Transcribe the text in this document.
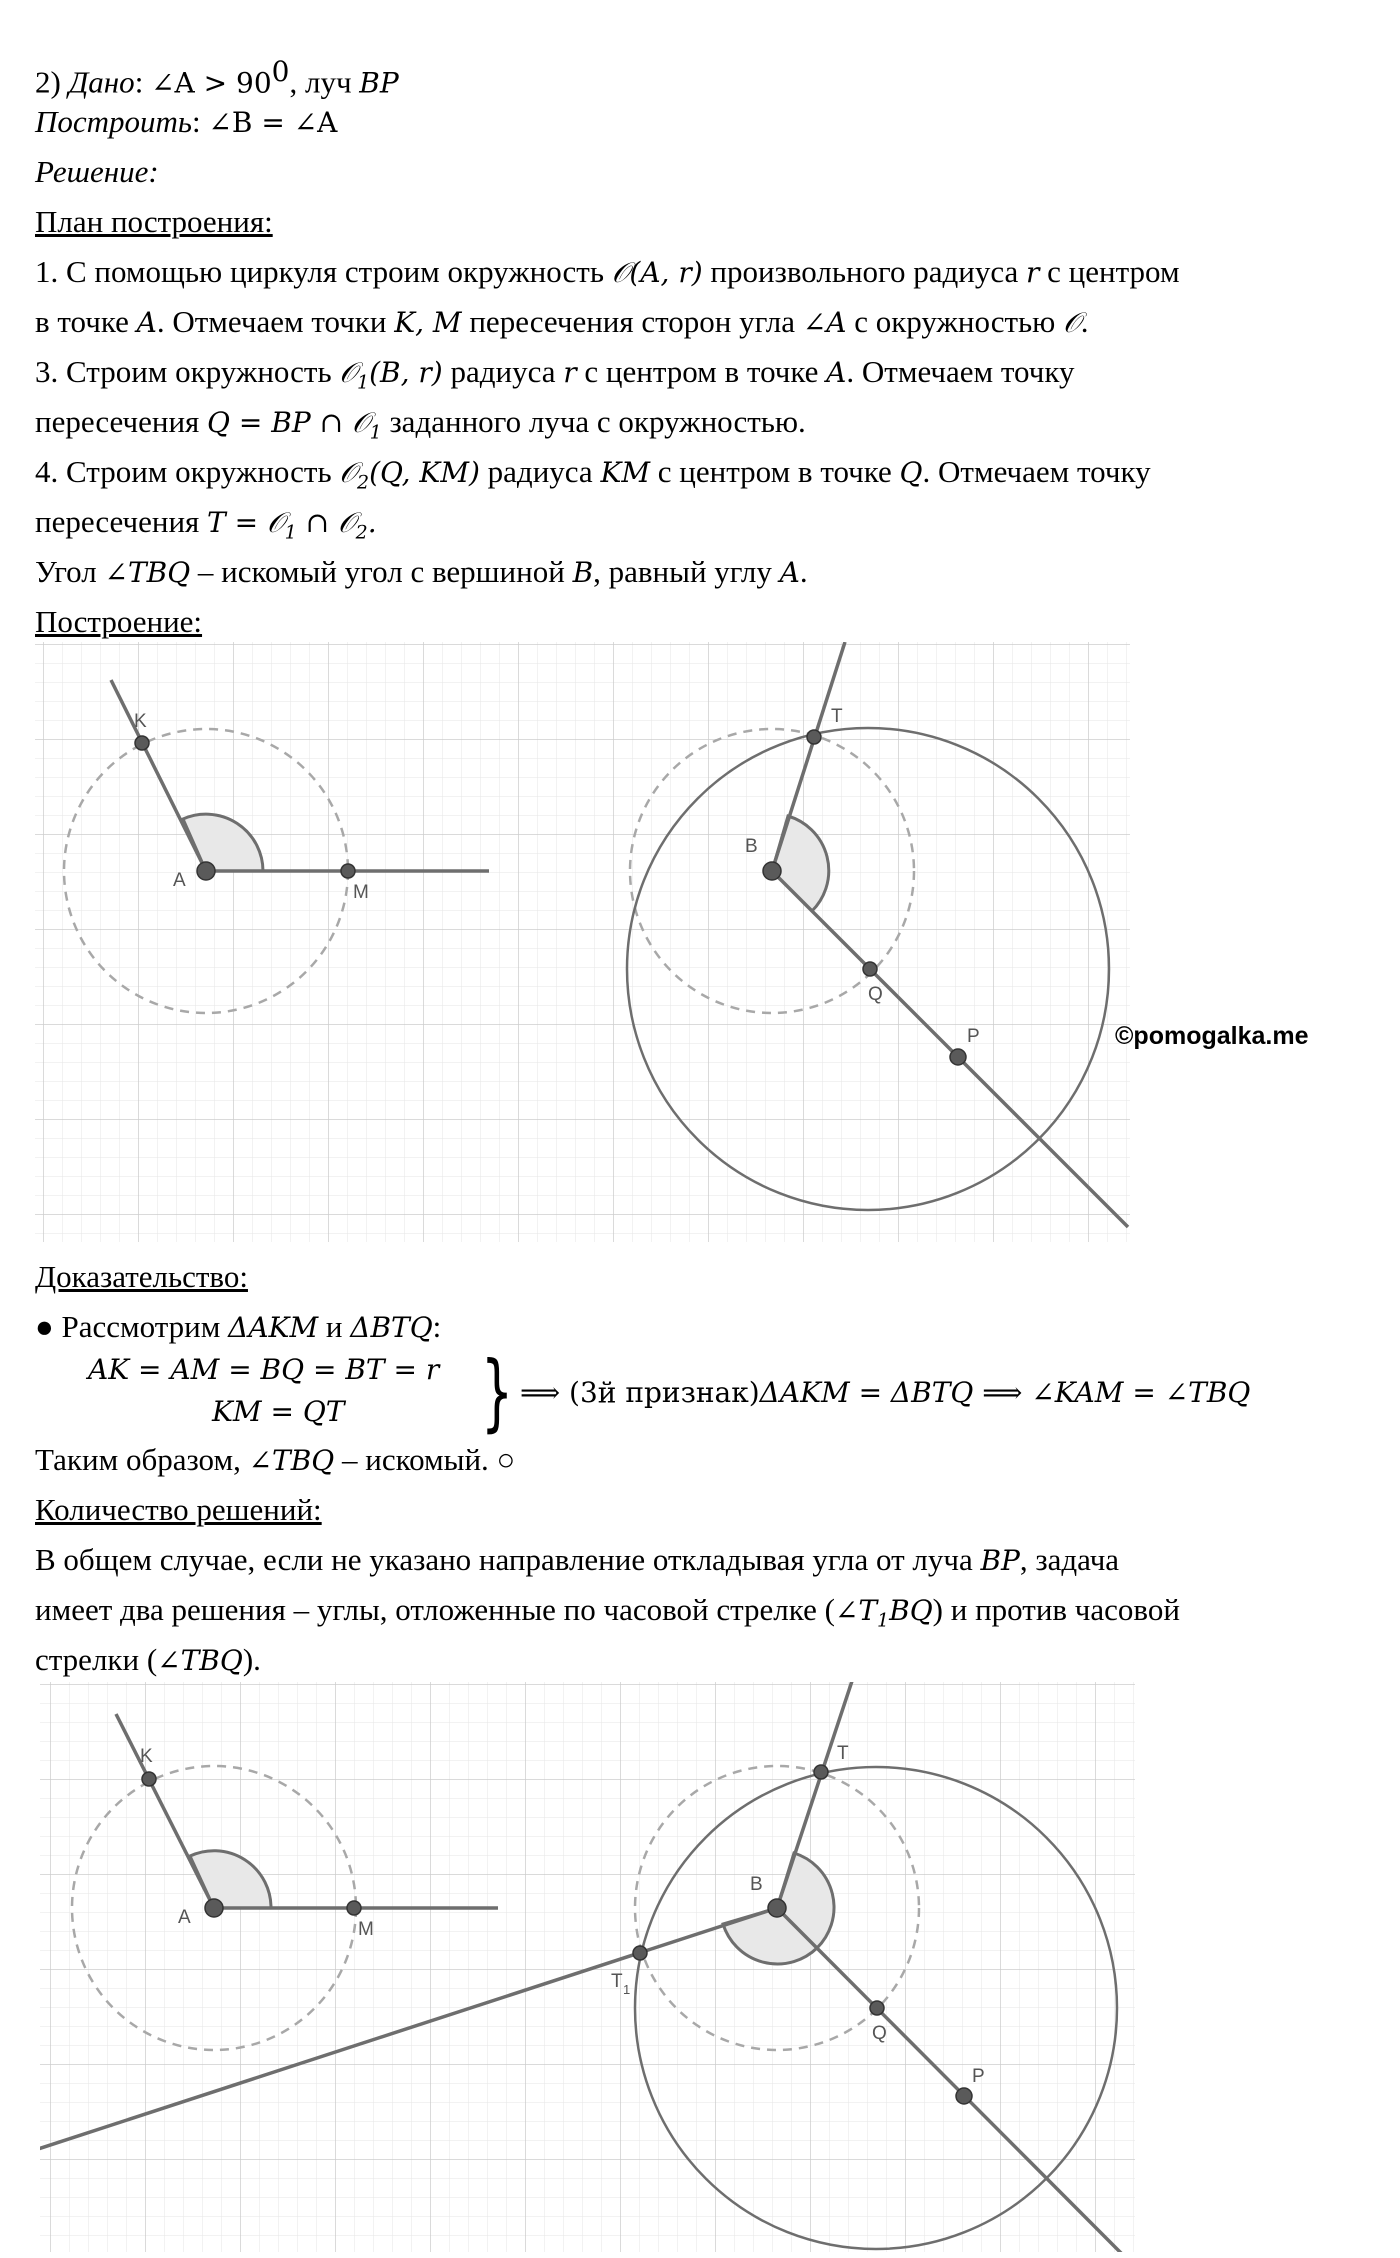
2) Дано: ∠A > $90^0$, луч BP
Построить: ∠B = ∠A
Решение:
План построения:
1. С помощью циркуля строим окружность 𝒪(A, r) произвольного радиуса r с центром
в точке A. Отмечаем точки K, M пересечения сторон угла ∠A с окружностью 𝒪.
3. Строим окружность 𝒪$_1$(B, r) радиуса r с центром в точке A. Отмечаем точку
пересечения Q = BP ∩ 𝒪$_1$ заданного луча с окружностью.
4. Строим окружность 𝒪$_2$(Q, KM) радиуса KM с центром в точке Q. Отмечаем точку
пересечения T = 𝒪$_1$ ∩ 𝒪$_2$.
Угол ∠TBQ – искомый угол с вершиной B, равный углу A.
Построение:
K
A
M
B
T
Q
P	©pomogalka.me
Доказательство:
● Рассмотрим ΔAKM и ΔBTQ:
AK = AM = BQ = BT = r
KM = QT } ⟹ (3й признак)ΔAKM = ΔBTQ ⟹ ∠KAM = ∠TBQ
Таким образом, ∠TBQ – искомый. ○
Количество решений:
В общем случае, если не указано направление откладывая угла от луча BP, задача
имеет два решения – углы, отложенные по часовой стрелке $(\angle T_1BQ)$ и против часовой
стрелки (∠TBQ).
K
A
M
B
T
T 1
Q
P
